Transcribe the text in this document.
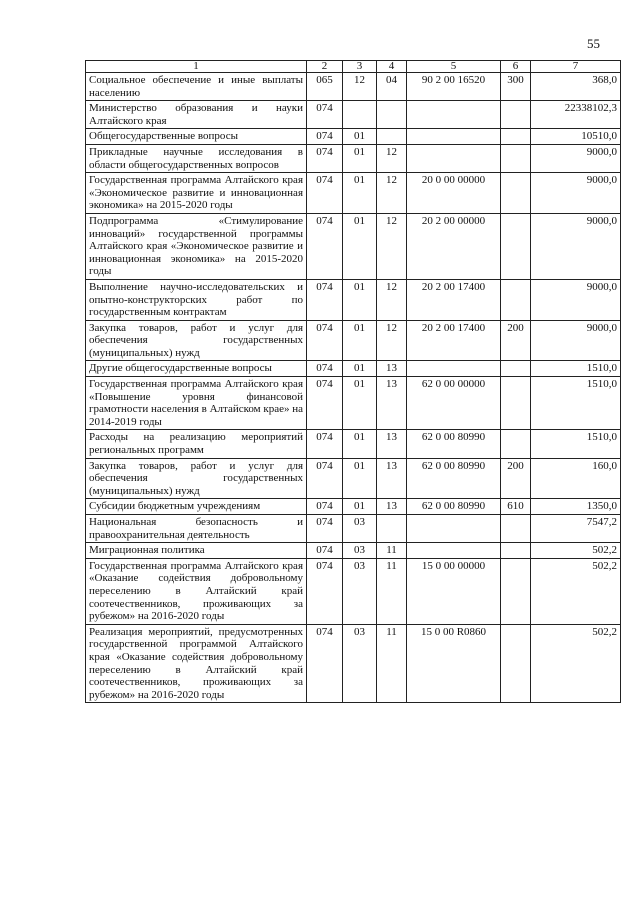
55
1	2	3	4	5	6	7
Социальное обеспечение и иные выплаты населению	065	12	04	90 2 00 16520	300	368,0
Министерство образования и науки Алтайского края	074					22338102,3
Общегосударственные вопросы	074	01				10510,0
Прикладные научные исследования в области общегосударственных вопросов	074	01	12			9000,0
Государственная программа Алтайского края «Экономическое развитие и инновационная экономика» на 2015-2020 годы	074	01	12	20 0 00 00000		9000,0
Подпрограмма «Стимулирование инноваций» государственной программы Алтайского края «Экономическое развитие и инновационная экономика» на 2015-2020 годы	074	01	12	20 2 00 00000		9000,0
Выполнение научно-исследовательских и опытно-конструкторских работ по государственным контрактам	074	01	12	20 2 00 17400		9000,0
Закупка товаров, работ и услуг для обеспечения государственных (муниципальных) нужд	074	01	12	20 2 00 17400	200	9000,0
Другие общегосударственные вопросы	074	01	13			1510,0
Государственная программа Алтайского края «Повышение уровня финансовой грамотности населения в Алтайском крае» на 2014-2019 годы	074	01	13	62 0 00 00000		1510,0
Расходы на реализацию мероприятий региональных программ	074	01	13	62 0 00 80990		1510,0
Закупка товаров, работ и услуг для обеспечения государственных (муниципальных) нужд	074	01	13	62 0 00 80990	200	160,0
Субсидии бюджетным учреждениям	074	01	13	62 0 00 80990	610	1350,0
Национальная безопасность и правоохранительная деятельность	074	03				7547,2
Миграционная политика	074	03	11			502,2
Государственная программа Алтайского края «Оказание содействия добровольному переселению в Алтайский край соотечественников, проживающих за рубежом» на 2016-2020 годы	074	03	11	15 0 00 00000		502,2
Реализация мероприятий, предусмотренных государственной программой Алтайского края «Оказание содействия добровольному переселению в Алтайский край соотечественников, проживающих за рубежом» на 2016-2020 годы	074	03	11	15 0 00 R0860		502,2
